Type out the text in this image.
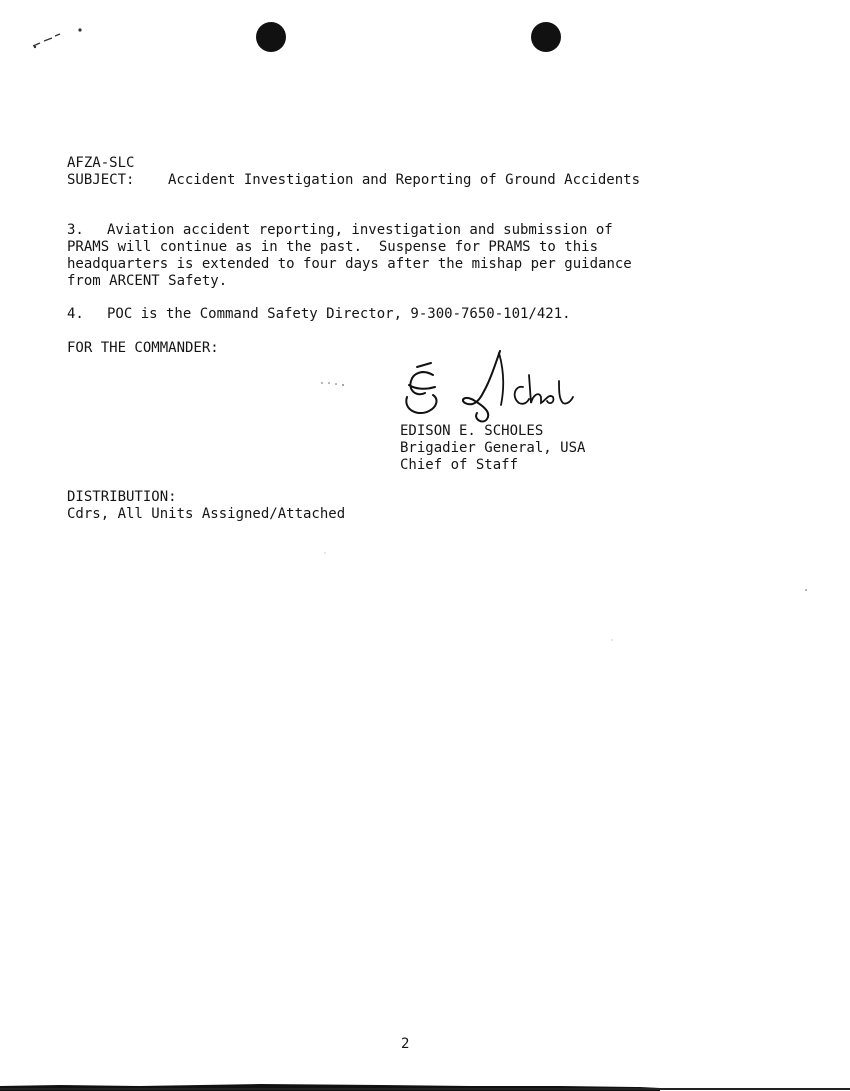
AFZA-SLC
SUBJECT: Accident Investigation and Reporting of Ground Accidents
3. Aviation accident reporting, investigation and submission of
PRAMS will continue as in the past.  Suspense for PRAMS to this
headquarters is extended to four days after the mishap per guidance
from ARCENT Safety.
4. POC is the Command Safety Director, 9-300-7650-101/421.
FOR THE COMMANDER:
EDISON E. SCHOLES
Brigadier General, USA
Chief of Staff
DISTRIBUTION:
Cdrs, All Units Assigned/Attached
2
